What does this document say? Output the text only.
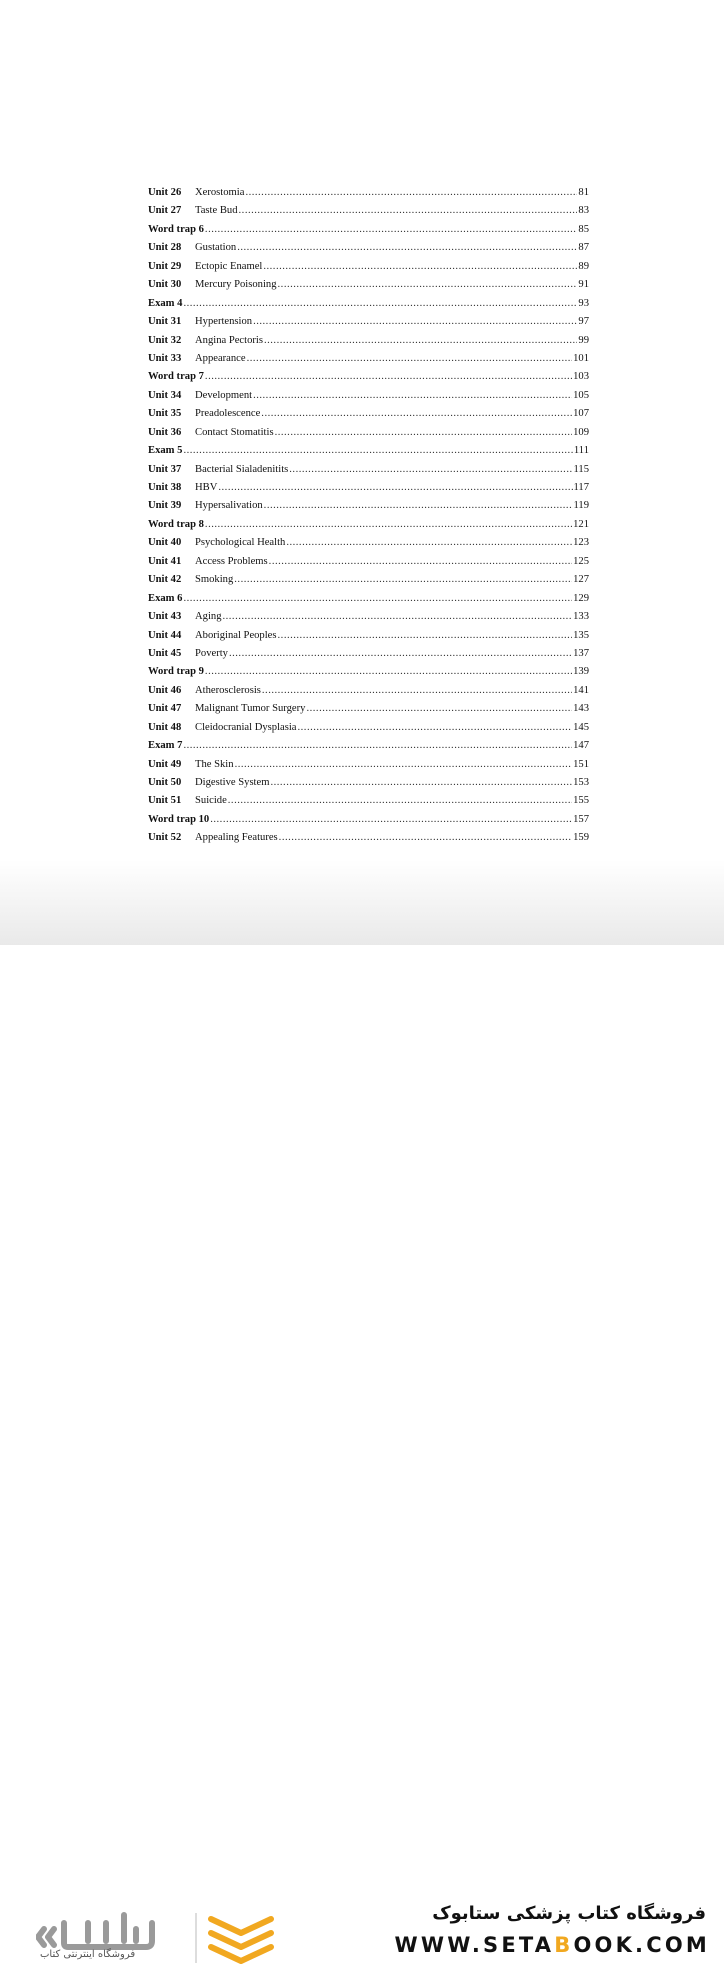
Unit 26	Xerostomia .....	81
Unit 27	Taste Bud .....	83
Word trap 6 .....	85
Unit 28	Gustation .....	87
Unit 29	Ectopic Enamel .....	89
Unit 30	Mercury Poisoning .....	91
Exam 4 .....	93
Unit 31	Hypertension .....	97
Unit 32	Angina Pectoris .....	99
Unit 33	Appearance .....	101
Word trap 7 .....	103
Unit 34	Development .....	105
Unit 35	Preadolescence .....	107
Unit 36	Contact Stomatitis .....	109
Exam 5 .....	111
Unit 37	Bacterial Sialadenitits .....	115
Unit 38	HBV .....	117
Unit 39	Hypersalivation .....	119
Word trap 8 .....	121
Unit 40	Psychological Health .....	123
Unit 41	Access Problems .....	125
Unit 42	Smoking .....	127
Exam 6 .....	129
Unit 43	Aging .....	133
Unit 44	Aboriginal Peoples .....	135
Unit 45	Poverty .....	137
Word trap 9 .....	139
Unit 46	Atherosclerosis .....	141
Unit 47	Malignant Tumor Surgery .....	143
Unit 48	Cleidocranial Dysplasia .....	145
Exam 7 .....	147
Unit 49	The Skin .....	151
Unit 50	Digestive System .....	153
Unit 51	Suicide .....	155
Word trap 10 .....	157
Unit 52	Appealing Features .....	159
فروشگاه اینترنتی کتاب
فروشگاه کتاب پزشکی ستابوک
WWW.SETABOOK.COM
